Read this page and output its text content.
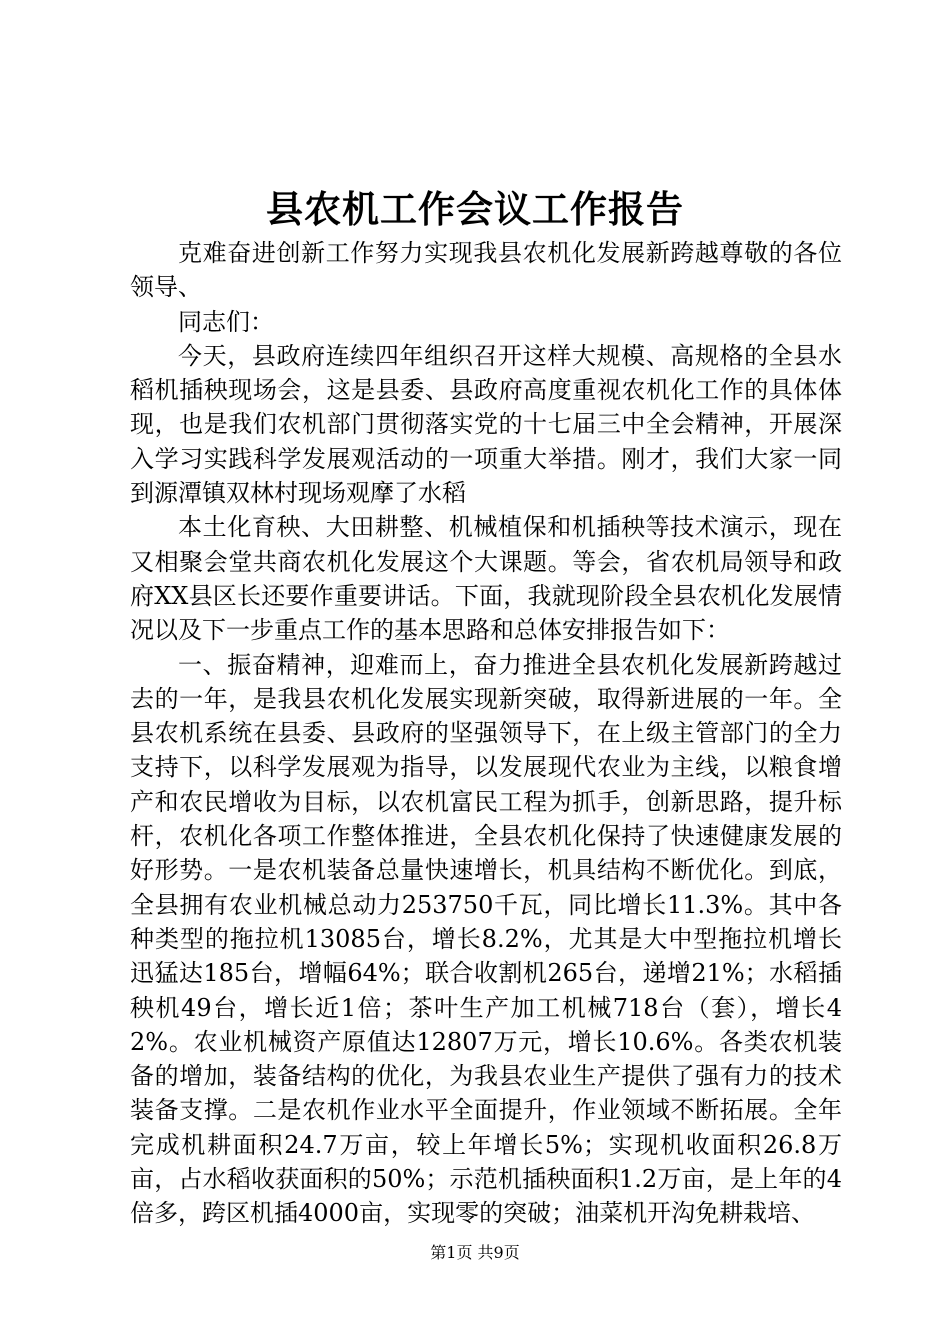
县农机工作会议工作报告

克难奋进创新工作努力实现我县农机化发展新跨越尊敬的各位领导、

同志们：

今天，县政府连续四年组织召开这样大规模、高规格的全县水稻机插秧现场会，这是县委、县政府高度重视农机化工作的具体体现，也是我们农机部门贯彻落实党的十七届三中全会精神，开展深入学习实践科学发展观活动的一项重大举措。刚才，我们大家一同到源潭镇双林村现场观摩了水稻

本土化育秧、大田耕整、机械植保和机插秧等技术演示，现在又相聚会堂共商农机化发展这个大课题。等会，省农机局领导和政府XX县区长还要作重要讲话。下面，我就现阶段全县农机化发展情况以及下一步重点工作的基本思路和总体安排报告如下：

一、振奋精神，迎难而上，奋力推进全县农机化发展新跨越过去的一年，是我县农机化发展实现新突破，取得新进展的一年。全县农机系统在县委、县政府的坚强领导下，在上级主管部门的全力支持下，以科学发展观为指导，以发展现代农业为主线，以粮食增产和农民增收为目标，以农机富民工程为抓手，创新思路，提升标杆，农机化各项工作整体推进，全县农机化保持了快速健康发展的好形势。一是农机装备总量快速增长，机具结构不断优化。到底，全县拥有农业机械总动力253750千瓦，同比增长11.3%。其中各种类型的拖拉机13085台，增长8.2%，尤其是大中型拖拉机增长迅猛达185台，增幅64%；联合收割机265台，递增21%；水稻插秧机49台，增长近1倍；茶叶生产加工机械718台（套），增长42%。农业机械资产原值达12807万元，增长10.6%。各类农机装备的增加，装备结构的优化，为我县农业生产提供了强有力的技术装备支撑。二是农机作业水平全面提升，作业领域不断拓展。全年完成机耕面积24.7万亩，较上年增长5%；实现机收面积26.8万亩，占水稻收获面积的50%；示范机插秧面积1.2万亩，是上年的4倍多，跨区机插4000亩，实现零的突破；油菜机开沟免耕栽培、

第1页 共9页
